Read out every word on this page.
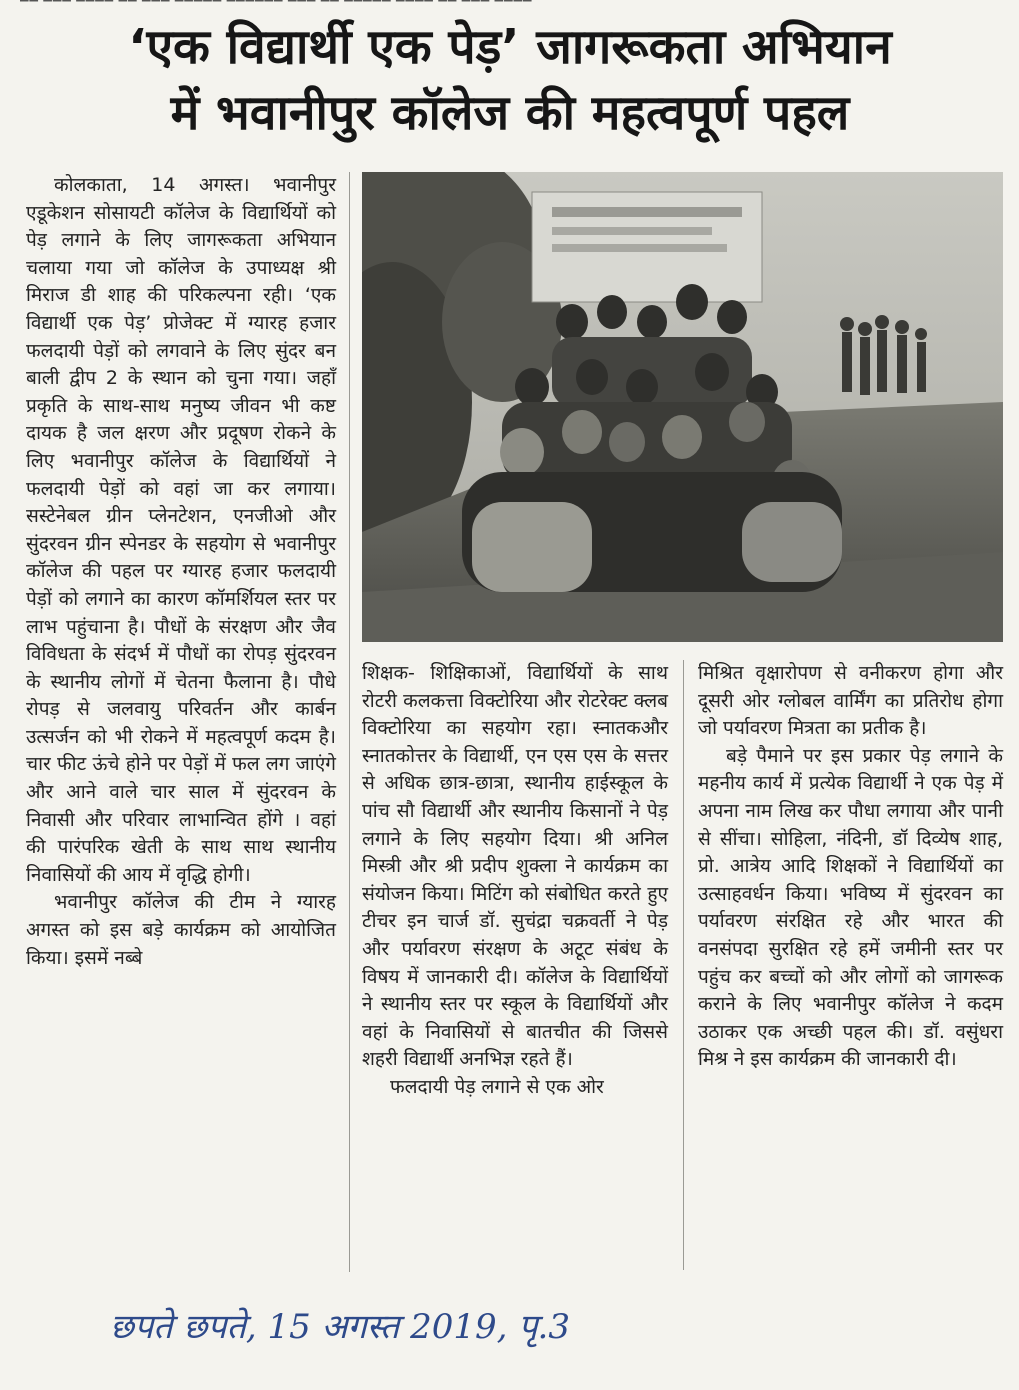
▔▔ ▔▔▔ ▔▔▔▔ ▔▔ ▔▔▔ ▔▔▔▔▔ ▔▔▔▔▔▔ ▔▔▔ ▔▔ ▔▔▔▔▔ ▔▔▔▔ ▔▔ ▔▔▔ ▔▔▔▔
‘एक विद्यार्थी एक पेड़’ जागरूकता अभियान
में भवानीपुर कॉलेज की महत्वपूर्ण पहल

कोलकाता, 14 अगस्त। भवानीपुर एडूकेशन सोसायटी कॉलेज के विद्यार्थियों को पेड़ लगाने के लिए जागरूकता अभियान चलाया गया जो कॉलेज के उपाध्यक्ष श्री मिराज डी शाह की परिकल्पना रही। ‘एक विद्यार्थी एक पेड़’ प्रोजेक्ट में ग्यारह हजार फलदायी पेड़ों को लगवाने के लिए सुंदर बन बाली द्वीप 2 के स्थान को चुना गया। जहाँ प्रकृति के साथ-साथ मनुष्य जीवन भी कष्ट दायक है जल क्षरण और प्रदूषण रोकने के लिए भवानीपुर कॉलेज के विद्यार्थियों ने फलदायी पेड़ों को वहां जा कर लगाया। सस्टेनेबल ग्रीन प्लेनटेशन, एनजीओ और सुंदरवन ग्रीन स्पेनडर के सहयोग से भवानीपुर कॉलेज की पहल पर ग्यारह हजार फलदायी पेड़ों को लगाने का कारण कॉमर्शियल स्तर पर लाभ पहुंचाना है। पौधों के संरक्षण और जैव विविधता के संदर्भ में पौधों का रोपड़ सुंदरवन के स्थानीय लोगों में चेतना फैलाना है। पौधे रोपड़ से जलवायु परिवर्तन और कार्बन उत्सर्जन को भी रोकने में महत्वपूर्ण कदम है। चार फीट ऊंचे होने पर पेड़ों में फल लग जाएंगे और आने वाले चार साल में सुंदरवन के निवासी और परिवार लाभान्वित होंगे । वहां की पारंपरिक खेती के साथ साथ स्थानीय निवासियों की आय में वृद्धि होगी।

भवानीपुर कॉलेज की टीम ने ग्यारह अगस्त को इस बड़े कार्यक्रम को आयोजित किया। इसमें नब्बे

शिक्षक- शिक्षिकाओं, विद्यार्थियों के साथ रोटरी कलकत्ता विक्टोरिया और रोटरेक्ट क्लब विक्टोरिया का सहयोग रहा। स्नातकऔर स्नातकोत्तर के विद्यार्थी, एन एस एस के सत्तर से अधिक छात्र-छात्रा, स्थानीय हाईस्कूल के पांच सौ विद्यार्थी और स्थानीय किसानों ने पेड़ लगाने के लिए सहयोग दिया। श्री अनिल मिस्त्री और श्री प्रदीप शुक्ला ने कार्यक्रम का संयोजन किया। मिटिंग को संबोधित करते हुए टीचर इन चार्ज डॉ. सुचंद्रा चक्रवर्ती ने पेड़ और पर्यावरण संरक्षण के अटूट संबंध के विषय में जानकारी दी। कॉलेज के विद्यार्थियों ने स्थानीय स्तर पर स्कूल के विद्यार्थियों और वहां के निवासियों से बातचीत की जिससे शहरी विद्यार्थी अनभिज्ञ रहते हैं।

फलदायी पेड़ लगाने से एक ओर

मिश्रित वृक्षारोपण से वनीकरण होगा और दूसरी ओर ग्लोबल वार्मिंग का प्रतिरोध होगा जो पर्यावरण मित्रता का प्रतीक है।

बड़े पैमाने पर इस प्रकार पेड़ लगाने के महनीय कार्य में प्रत्येक विद्यार्थी ने एक पेड़ में अपना नाम लिख कर पौधा लगाया और पानी से सींचा। सोहिला, नंदिनी, डॉ दिव्येष शाह, प्रो. आत्रेय आदि शिक्षकों ने विद्यार्थियों का उत्साहवर्धन किया। भविष्य में सुंदरवन का पर्यावरण संरक्षित रहे और भारत की वनसंपदा सुरक्षित रहे हमें जमीनी स्तर पर पहुंच कर बच्चों को और लोगों को जागरूक कराने के लिए भवानीपुर कॉलेज ने कदम उठाकर एक अच्छी पहल की। डॉ. वसुंधरा मिश्र ने इस कार्यक्रम की जानकारी दी।

छपते छपते, 15 अगस्त 2019, पृ.3
